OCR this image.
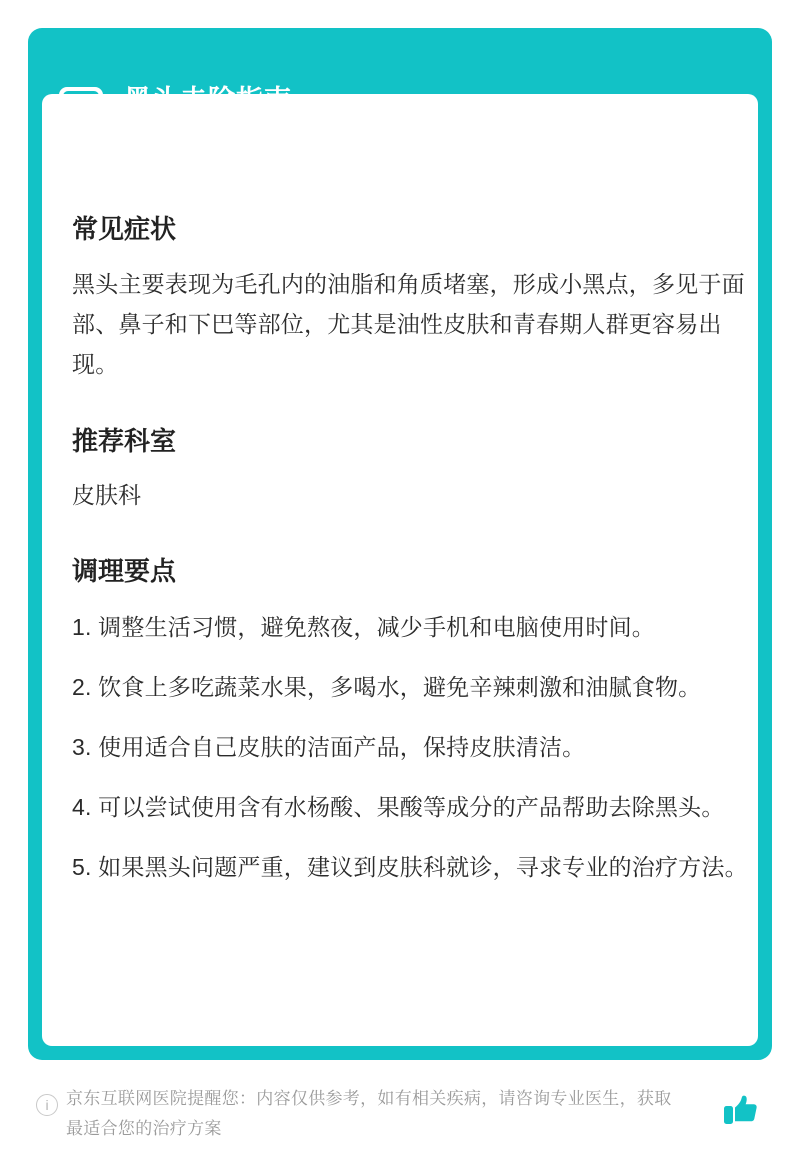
常见症状

黑头主要表现为毛孔内的油脂和角质堵塞，形成小黑点，多见于面部、鼻子和下巴等部位，尤其是油性皮肤和青春期人群更容易出现。

推荐科室

皮肤科

调理要点
1. 调整生活习惯，避免熬夜，减少手机和电脑使用时间。
2. 饮食上多吃蔬菜水果，多喝水，避免辛辣刺激和油腻食物。
3. 使用适合自己皮肤的洁面产品，保持皮肤清洁。
4. 可以尝试使用含有水杨酸、果酸等成分的产品帮助去除黑头。
5. 如果黑头问题严重，建议到皮肤科就诊，寻求专业的治疗方法。
i	京东互联网医院提醒您：内容仅供参考，如有相关疾病，请咨询专业医生，获取最适合您的治疗方案
